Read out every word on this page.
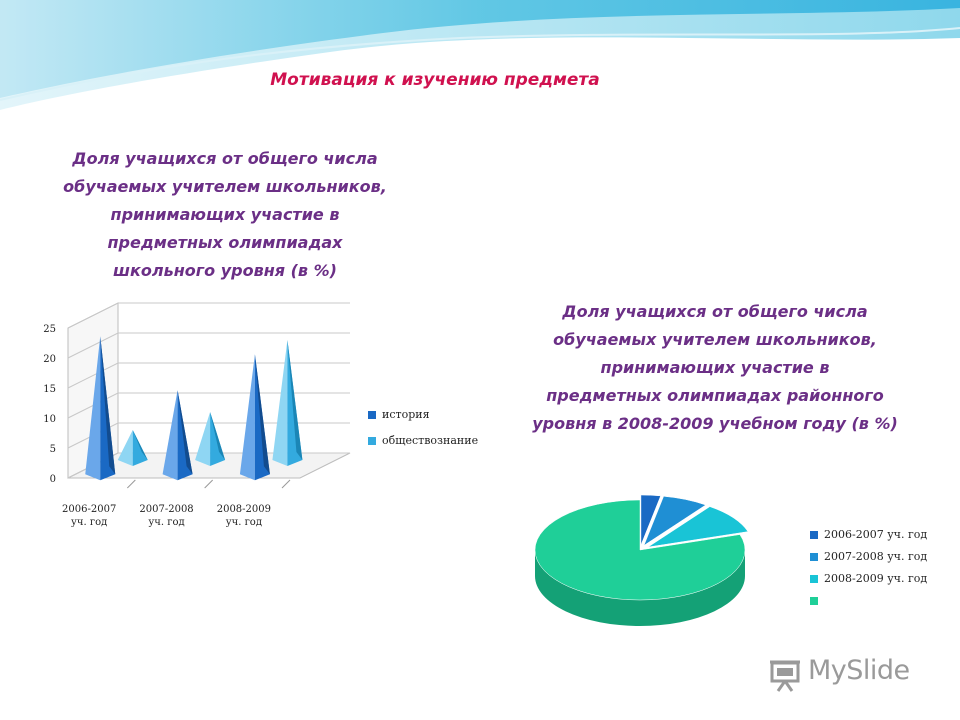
Мотивация к изучению предмета
Доля учащихся от общего числа
обучаемых учителем школьников,
принимающих участие в
предметных олимпиадах
школьного уровня (в %)
Доля учащихся от общего числа
обучаемых учителем школьников,
принимающих участие в
предметных олимпиадах районного
уровня в 2008-2009 учебном году (в %)
0
5
10
15
20
25
2006-2007
уч. год
2007-2008
уч. год
2008-2009
уч. год
история
обществознание
2006-2007 уч. год
2007-2008 уч. год
2008-2009 уч. год
MySlide
